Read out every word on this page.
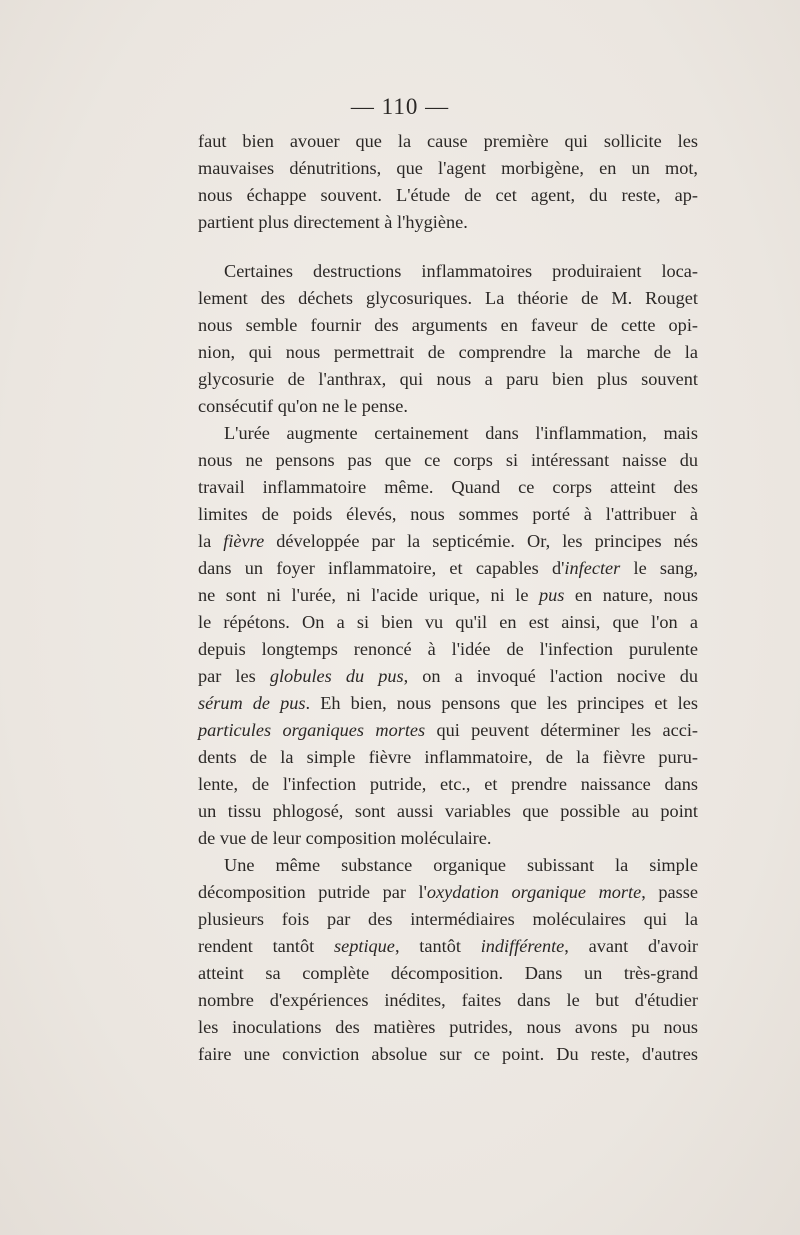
— 110 —
faut bien avouer que la cause première qui sollicite les
mauvaises dénutritions, que l'agent morbigène, en un mot,
nous échappe souvent. L'étude de cet agent, du reste, ap-
partient plus directement à l'hygiène.
Certaines destructions inflammatoires produiraient loca-
lement des déchets glycosuriques. La théorie de M. Rouget
nous semble fournir des arguments en faveur de cette opi-
nion, qui nous permettrait de comprendre la marche de la
glycosurie de l'anthrax, qui nous a paru bien plus souvent
consécutif qu'on ne le pense.
L'urée augmente certainement dans l'inflammation, mais
nous ne pensons pas que ce corps si intéressant naisse du
travail inflammatoire même. Quand ce corps atteint des
limites de poids élevés, nous sommes porté à l'attribuer à
la fièvre développée par la septicémie. Or, les principes nés
dans un foyer inflammatoire, et capables d'infecter le sang,
ne sont ni l'urée, ni l'acide urique, ni le pus en nature, nous
le répétons. On a si bien vu qu'il en est ainsi, que l'on a
depuis longtemps renoncé à l'idée de l'infection purulente
par les globules du pus, on a invoqué l'action nocive du
sérum de pus. Eh bien, nous pensons que les principes et les
particules organiques mortes qui peuvent déterminer les acci-
dents de la simple fièvre inflammatoire, de la fièvre puru-
lente, de l'infection putride, etc., et prendre naissance dans
un tissu phlogosé, sont aussi variables que possible au point
de vue de leur composition moléculaire.
Une même substance organique subissant la simple
décomposition putride par l'oxydation organique morte, passe
plusieurs fois par des intermédiaires moléculaires qui la
rendent tantôt septique, tantôt indifférente, avant d'avoir
atteint sa complète décomposition. Dans un très-grand
nombre d'expériences inédites, faites dans le but d'étudier
les inoculations des matières putrides, nous avons pu nous
faire une conviction absolue sur ce point. Du reste, d'autres
